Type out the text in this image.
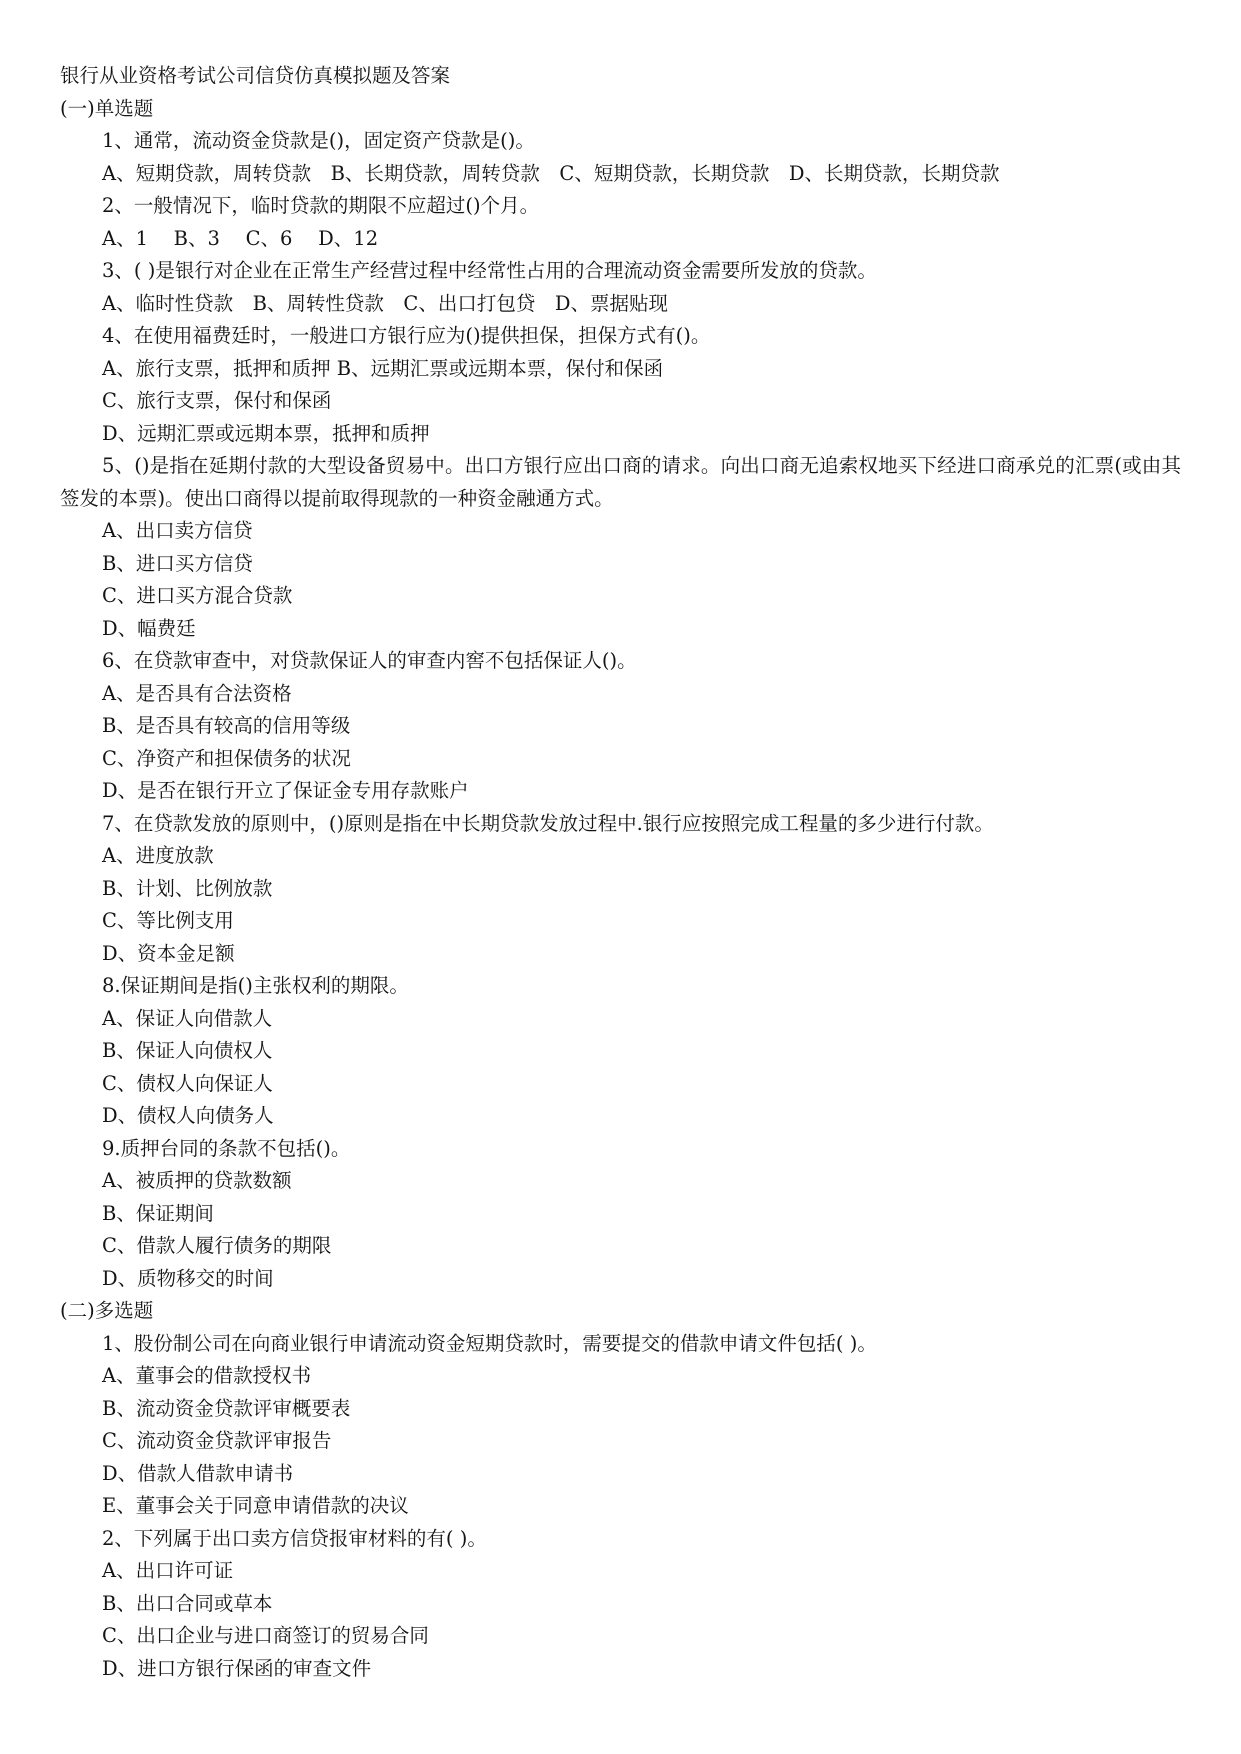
银行从业资格考试公司信贷仿真模拟题及答案
(一)单选题
1、通常，流动资金贷款是()，固定资产贷款是()。
A、短期贷款，周转贷款　B、长期贷款，周转贷款　C、短期贷款，长期贷款　D、长期贷款，长期贷款
2、一般情况下，临时贷款的期限不应超过()个月。
A、1　 B、3　 C、6　 D、12
3、( )是银行对企业在正常生产经营过程中经常性占用的合理流动资金需要所发放的贷款。
A、临时性贷款　B、周转性贷款　C、出口打包贷　D、票据贴现
4、在使用福费廷时，一般进口方银行应为()提供担保，担保方式有()。
A、旅行支票，抵押和质押 B、远期汇票或远期本票，保付和保函
C、旅行支票，保付和保函
D、远期汇票或远期本票，抵押和质押
5、()是指在延期付款的大型设备贸易中。出口方银行应出口商的请求。向出口商无追索权地买下经进口商承兑的汇票(或由其签发的本票)。使出口商得以提前取得现款的一种资金融通方式。
A、出口卖方信贷
B、进口买方信贷
C、进口买方混合贷款
D、幅费廷
6、在贷款审查中，对贷款保证人的审查内窖不包括保证人()。
A、是否具有合法资格
B、是否具有较高的信用等级
C、净资产和担保债务的状况
D、是否在银行开立了保证金专用存款账户
7、在贷款发放的原则中，()原则是指在中长期贷款发放过程中.银行应按照完成工程量的多少进行付款。
A、进度放款
B、计划、比例放款
C、等比例支用
D、资本金足额
8.保证期间是指()主张权利的期限。
A、保证人向借款人
B、保证人向债权人
C、债权人向保证人
D、债权人向债务人
9.质押台同的条款不包括()。
A、被质押的贷款数额
B、保证期间
C、借款人履行债务的期限
D、质物移交的时间
(二)多选题
1、股份制公司在向商业银行申请流动资金短期贷款时，需要提交的借款申请文件包括( )。
A、董事会的借款授权书
B、流动资金贷款评审概要表
C、流动资金贷款评审报告
D、借款人借款申请书
E、董事会关于同意申请借款的决议
2、下列属于出口卖方信贷报审材料的有( )。
A、出口许可证
B、出口合同或草本
C、出口企业与进口商签订的贸易合同
D、进口方银行保函的审查文件
